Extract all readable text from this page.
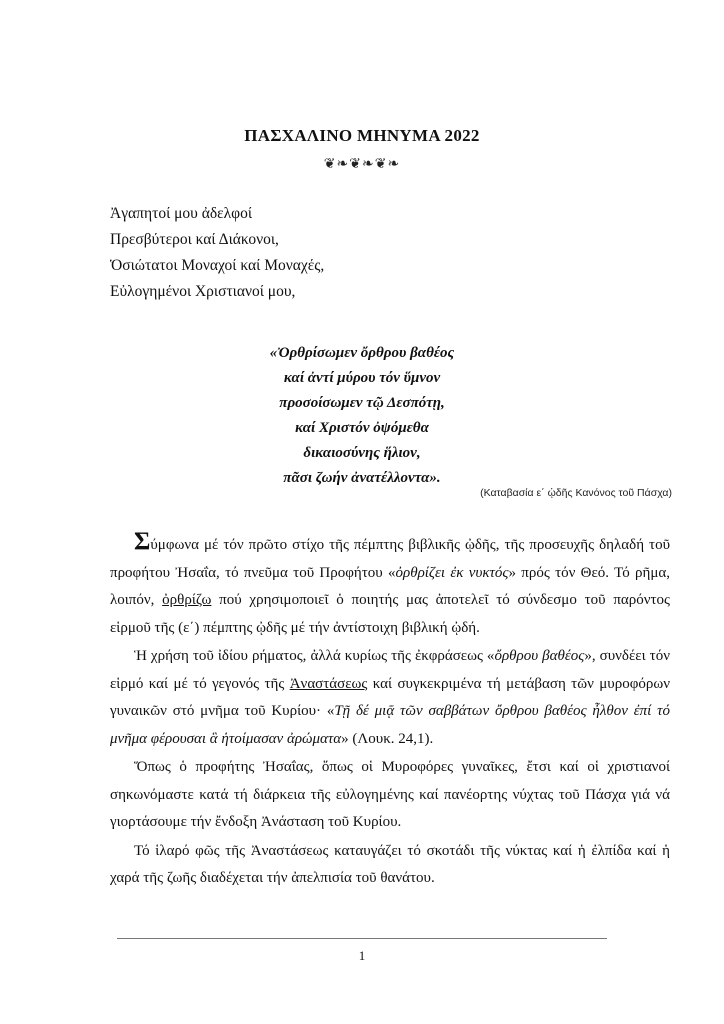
ΠΑΣΧΑΛΙΝΟ ΜΗΝΥΜΑ 2022
❦❧❦❧❦❧
Ἀγαπητοί μου ἀδελφοί
Πρεσβύτεροι καί Διάκονοι,
Ὁσιώτατοι Μοναχοί καί Μοναχές,
Εὐλογημένοι Χριστιανοί μου,
«Ὀρθρίσωμεν ὄρθρου βαθέος
καί ἀντί μύρου τόν ὕμνον
προσοίσωμεν τῷ Δεσπότῃ,
καί Χριστόν ὀψόμεθα
δικαιοσύνης ἥλιον,
πᾶσι ζωήν ἀνατέλλοντα».
(Καταβασία ε΄ ᾠδῆς Κανόνος τοῦ Πάσχα)

Σύμφωνα μέ τόν πρῶτο στίχο τῆς πέμπτης βιβλικῆς ᾠδῆς, τῆς προσευχῆς δηλαδή τοῦ προφήτου Ἠσαΐα, τό πνεῦμα τοῦ Προφήτου «ὀρθρίζει ἐκ νυκτός» πρός τόν Θεό. Τό ρῆμα, λοιπόν, ὀρθρίζω πού χρησιμοποιεῖ ὁ ποιητής μας ἀποτελεῖ τό σύνδεσμο τοῦ παρόντος εἱρμοῦ τῆς (ε΄) πέμπτης ᾠδῆς μέ τήν ἀντίστοιχη βιβλική ᾠδή.

Ἡ χρήση τοῦ ἰδίου ρήματος, ἀλλά κυρίως τῆς ἐκφράσεως «ὄρθρου βαθέος», συνδέει τόν εἱρμό καί μέ τό γεγονός τῆς Ἀναστάσεως καί συγκεκριμένα τή μετάβαση τῶν μυροφόρων γυναικῶν στό μνῆμα τοῦ Κυρίου· «Τῇ δέ μιᾷ τῶν σαββάτων ὄρθρου βαθέος ἦλθον ἐπί τό μνῆμα φέρουσαι ἃ ἡτοίμασαν ἀρώματα» (Λουκ. 24,1).

Ὅπως ὁ προφήτης Ἠσαΐας, ὅπως οἱ Μυροφόρες γυναῖκες, ἔτσι καί οἱ χριστιανοί σηκωνόμαστε κατά τή διάρκεια τῆς εὐλογημένης καί πανέορτης νύχτας τοῦ Πάσχα γιά νά γιορτάσουμε τήν ἔνδοξη Ἀνάσταση τοῦ Κυρίου.

Τό ἱλαρό φῶς τῆς Ἀναστάσεως καταυγάζει τό σκοτάδι τῆς νύκτας καί ἡ ἐλπίδα καί ἡ χαρά τῆς ζωῆς διαδέχεται τήν ἀπελπισία τοῦ θανάτου.

1
